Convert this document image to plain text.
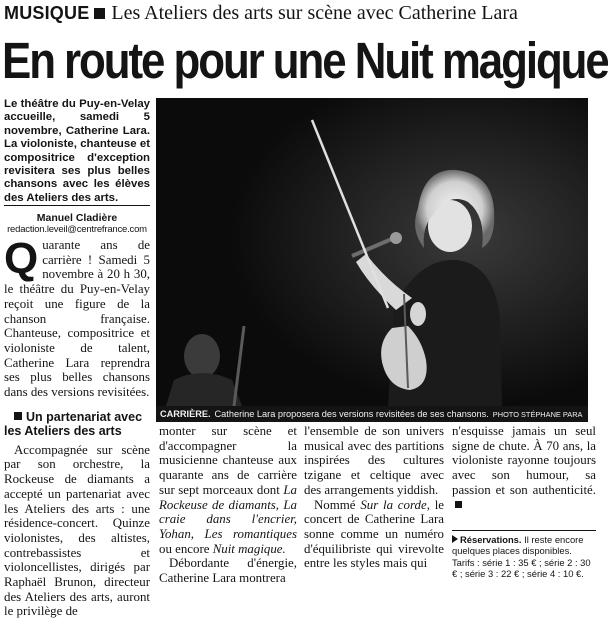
MUSIQUE Les Ateliers des arts sur scène avec Catherine Lara
En route pour une Nuit magique

Le théâtre du Puy-en-Velay accueille, samedi 5 novembre, Catherine Lara. La violoniste, chanteuse et compositrice d'exception revisitera ses plus belles chansons avec les élèves des Ateliers des arts.

Manuel Cladière
redaction.leveil@centrefrance.com

Quarante ans de carrière ! Samedi 5 novembre à 20 h 30, le théâtre du Puy-en-Velay reçoit une figure de la chanson française. Chanteuse, compositrice et violoniste de talent, Catherine Lara reprendra ses plus belles chansons dans des versions revisitées.

Un partenariat avec les Ateliers des arts

Accompagnée sur scène par son orchestre, la Rockeuse de diamants a accepté un partenariat avec les Ateliers des arts : une résidence-concert. Quinze violonistes, des altistes, contrebassistes et violoncellistes, dirigés par Raphaël Brunon, directeur des Ateliers des arts, auront le privilège de

CARRIÈRE. Catherine Lara proposera des versions revisitées de ses chansons. PHOTO STÉPHANE PARA

monter sur scène et d'accompagner la musicienne chanteuse aux quarante ans de carrière sur sept morceaux dont La Rockeuse de diamants, La craie dans l'encrier, Yohan, Les romantiques ou encore Nuit magique.

Débordante d'énergie, Catherine Lara montrera

l'ensemble de son univers musical avec des partitions inspirées des cultures tzigane et celtique avec des arrangements yiddish.

Nommé Sur la corde, le concert de Catherine Lara sonne comme un numéro d'équilibriste qui virevolte entre les styles mais qui

n'esquisse jamais un seul signe de chute. À 70 ans, la violoniste rayonne toujours avec son humour, sa passion et son authenticité.

Réservations. Il reste encore quelques places disponibles. Tarifs : série 1 : 35 € ; série 2 : 30 € ; série 3 : 22 € ; série 4 : 10 €.
